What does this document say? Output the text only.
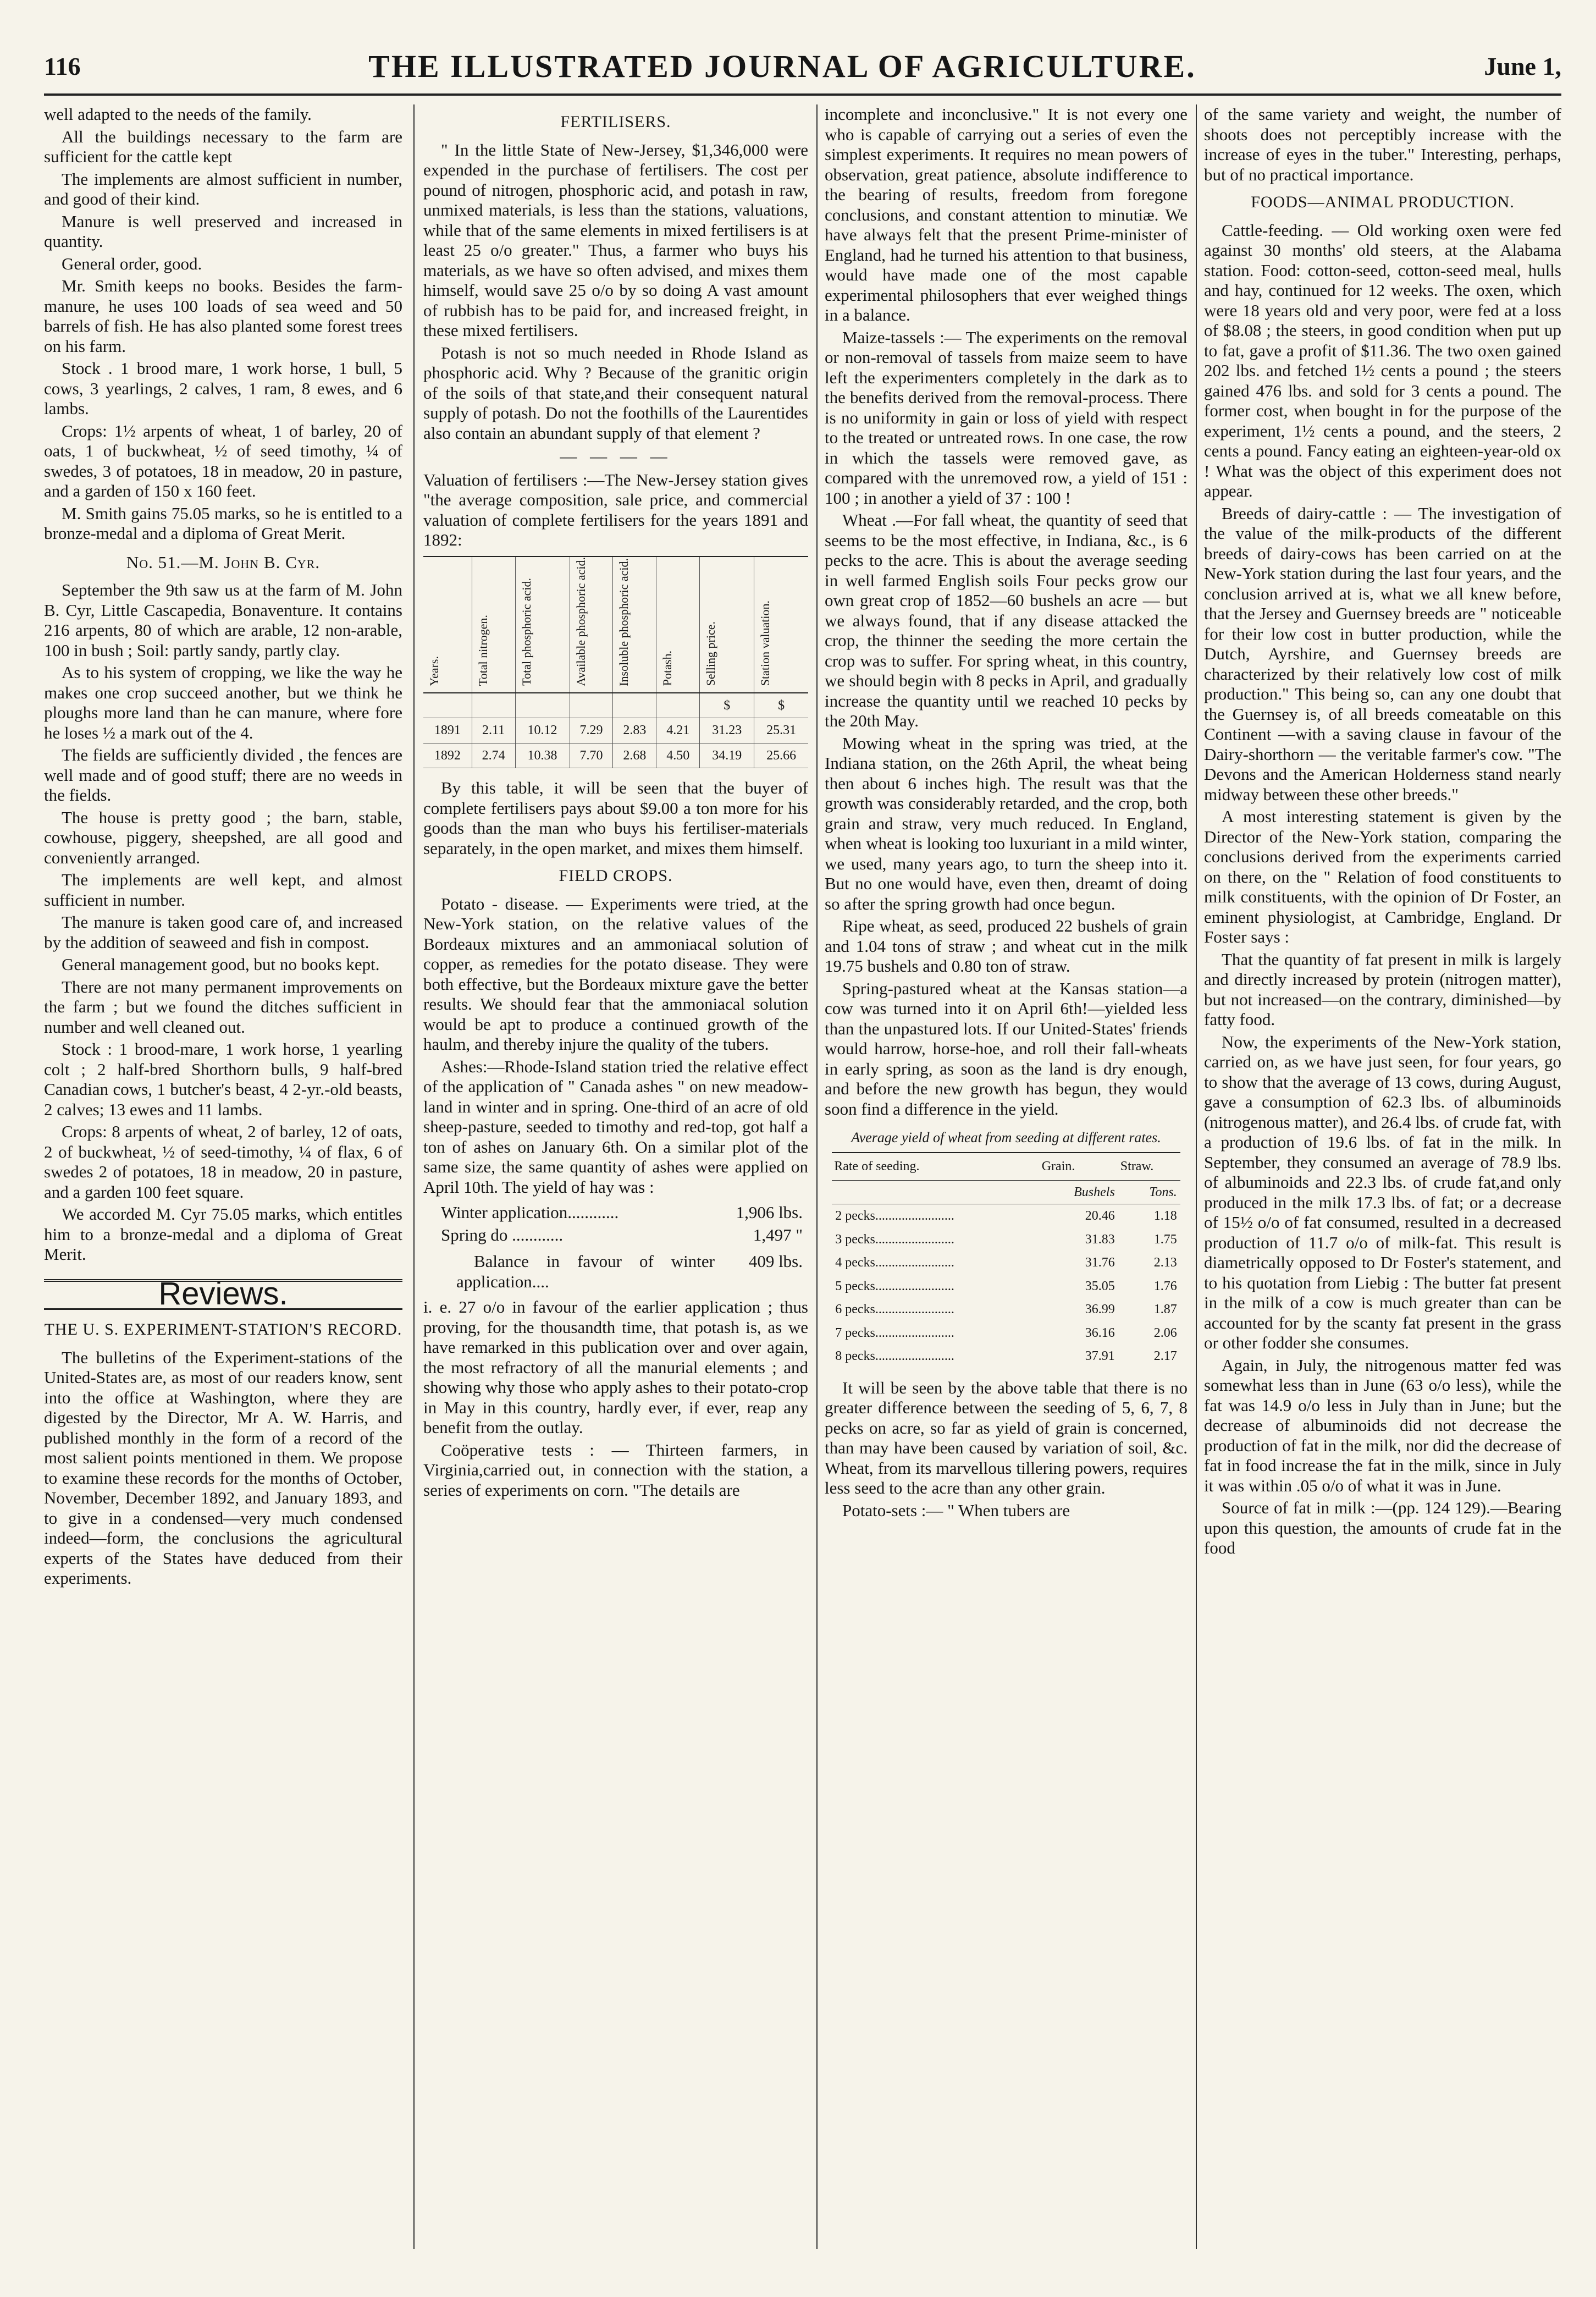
116	THE ILLUSTRATED JOURNAL OF AGRICULTURE.	June 1,

well adapted to the needs of the family.

All the buildings necessary to the farm are sufficient for the cattle kept

The implements are almost sufficient in number, and good of their kind.

Manure is well preserved and increased in quantity.

General order, good.

Mr. Smith keeps no books. Besides the farm-manure, he uses 100 loads of sea weed and 50 barrels of fish. He has also planted some forest trees on his farm.

Stock . 1 brood mare, 1 work horse, 1 bull, 5 cows, 3 yearlings, 2 calves, 1 ram, 8 ewes, and 6 lambs.

Crops: 1½ arpents of wheat, 1 of barley, 20 of oats, 1 of buckwheat, ½ of seed timothy, ¼ of swedes, 3 of potatoes, 18 in meadow, 20 in pasture, and a garden of 150 x 160 feet.

M. Smith gains 75.05 marks, so he is entitled to a bronze-medal and a diploma of Great Merit.

No. 51.—M. John B. Cyr.

September the 9th saw us at the farm of M. John B. Cyr, Little Cascapedia, Bonaventure. It contains 216 arpents, 80 of which are arable, 12 non-arable, 100 in bush ; Soil: partly sandy, partly clay.

As to his system of cropping, we like the way he makes one crop succeed another, but we think he ploughs more land than he can manure, where fore he loses ½ a mark out of the 4.

The fields are sufficiently divided , the fences are well made and of good stuff; there are no weeds in the fields.

The house is pretty good ; the barn, stable, cowhouse, piggery, sheepshed, are all good and conveniently arranged.

The implements are well kept, and almost sufficient in number.

The manure is taken good care of, and increased by the addition of seaweed and fish in compost.

General management good, but no books kept.

There are not many permanent improvements on the farm ; but we found the ditches sufficient in number and well cleaned out.

Stock : 1 brood-mare, 1 work horse, 1 yearling colt ; 2 half-bred Shorthorn bulls, 9 half-bred Canadian cows, 1 butcher's beast, 4 2-yr.-old beasts, 2 calves; 13 ewes and 11 lambs.

Crops: 8 arpents of wheat, 2 of barley, 12 of oats, 2 of buckwheat, ½ of seed-timothy, ¼ of flax, 6 of swedes 2 of potatoes, 18 in meadow, 20 in pasture, and a garden 100 feet square.

We accorded M. Cyr 75.05 marks, which entitles him to a bronze-medal and a diploma of Great Merit.

Reviews.
THE U. S. EXPERIMENT-STATION'S RECORD.

The bulletins of the Experiment-stations of the United-States are, as most of our readers know, sent into the office at Washington, where they are digested by the Director, Mr A. W. Harris, and published monthly in the form of a record of the most salient points mentioned in them. We propose to examine these records for the months of October, November, December 1892, and January 1893, and to give in a condensed—very much condensed indeed—form, the conclusions the agricultural experts of the States have deduced from their experiments.

FERTILISERS.

" In the little State of New-Jersey, $1,346,000 were expended in the purchase of fertilisers. The cost per pound of nitrogen, phosphoric acid, and potash in raw, unmixed materials, is less than the stations, valuations, while that of the same elements in mixed fertilisers is at least 25 o/o greater." Thus, a farmer who buys his materials, as we have so often advised, and mixes them himself, would save 25 o/o by so doing A vast amount of rubbish has to be paid for, and increased freight, in these mixed fertilisers.

Potash is not so much needed in Rhode Island as phosphoric acid. Why ? Because of the granitic origin of the soils of that state,and their consequent natural supply of potash. Do not the foothills of the Laurentides also contain an abundant supply of that element ?

— — — —

Valuation of fertilisers :—The New-Jersey station gives "the average composition, sale price, and commercial valuation of complete fertilisers for the years 1891 and 1892:

Years.	Total nitrogen.	Total phosphoric acid.	Available phosphoric acid.	Insoluble phosphoric acid.	Potash.	Selling price.	Station valuation.
						$	$
1891	2.11	10.12	7.29	2.83	4.21	31.23	25.31
1892	2.74	10.38	7.70	2.68	4.50	34.19	25.66

By this table, it will be seen that the buyer of complete fertilisers pays about $9.00 a ton more for his goods than the man who buys his fertiliser-materials separately, in the open market, and mixes them himself.

FIELD CROPS.

Potato - disease. — Experiments were tried, at the New-York station, on the relative values of the Bordeaux mixtures and an ammoniacal solution of copper, as remedies for the potato disease. They were both effective, but the Bordeaux mixture gave the better results. We should fear that the ammoniacal solution would be apt to produce a continued growth of the haulm, and thereby injure the quality of the tubers.

Ashes:—Rhode-Island station tried the relative effect of the application of " Canada ashes " on new meadow-land in winter and in spring. One-third of an acre of old sheep-pasture, seeded to timothy and red-top, got half a ton of ashes on January 6th. On a similar plot of the same size, the same quantity of ashes were applied on April 10th. The yield of hay was :

Winter application............	1,906 lbs.

Spring do ............	1,497 "

Balance in favour of winter application....
409 lbs.

i. e. 27 o/o in favour of the earlier application ; thus proving, for the thousandth time, that potash is, as we have remarked in this publication over and over again, the most refractory of all the manurial elements ; and showing why those who apply ashes to their potato-crop in May in this country, hardly ever, if ever, reap any benefit from the outlay.

Coöperative tests : — Thirteen farmers, in Virginia,carried out, in connection with the station, a series of experiments on corn. "The details are

incomplete and inconclusive." It is not every one who is capable of carrying out a series of even the simplest experiments. It requires no mean powers of observation, great patience, absolute indifference to the bearing of results, freedom from foregone conclusions, and constant attention to minutiæ. We have always felt that the present Prime-minister of England, had he turned his attention to that business, would have made one of the most capable experimental philosophers that ever weighed things in a balance.

Maize-tassels :— The experiments on the removal or non-removal of tassels from maize seem to have left the experimenters completely in the dark as to the benefits derived from the removal-process. There is no uniformity in gain or loss of yield with respect to the treated or untreated rows. In one case, the row in which the tassels were removed gave, as compared with the unremoved row, a yield of 151 : 100 ; in another a yield of 37 : 100 !

Wheat .—For fall wheat, the quantity of seed that seems to be the most effective, in Indiana, &c., is 6 pecks to the acre. This is about the average seeding in well farmed English soils Four pecks grow our own great crop of 1852—60 bushels an acre — but we always found, that if any disease attacked the crop, the thinner the seeding the more certain the crop was to suffer. For spring wheat, in this country, we should begin with 8 pecks in April, and gradually increase the quantity until we reached 10 pecks by the 20th May.

Mowing wheat in the spring was tried, at the Indiana station, on the 26th April, the wheat being then about 6 inches high. The result was that the growth was considerably retarded, and the crop, both grain and straw, very much reduced. In England, when wheat is looking too luxuriant in a mild winter, we used, many years ago, to turn the sheep into it. But no one would have, even then, dreamt of doing so after the spring growth had once begun.

Ripe wheat, as seed, produced 22 bushels of grain and 1.04 tons of straw ; and wheat cut in the milk 19.75 bushels and 0.80 ton of straw.

Spring-pastured wheat at the Kansas station—a cow was turned into it on April 6th!—yielded less than the unpastured lots. If our United-States' friends would harrow, horse-hoe, and roll their fall-wheats in early spring, as soon as the land is dry enough, and before the new growth has begun, they would soon find a difference in the yield.

Average yield of wheat from seeding at different rates.
Rate of seeding.	Grain.	Straw.
	Bushels	Tons.
2 pecks........................	20.46	1.18
3 pecks........................	31.83	1.75
4 pecks........................	31.76	2.13
5 pecks........................	35.05	1.76
6 pecks........................	36.99	1.87
7 pecks........................	36.16	2.06
8 pecks........................	37.91	2.17

It will be seen by the above table that there is no greater difference between the seeding of 5, 6, 7, 8 pecks on acre, so far as yield of grain is concerned, than may have been caused by variation of soil, &c. Wheat, from its marvellous tillering powers, requires less seed to the acre than any other grain.

Potato-sets :— " When tubers are

of the same variety and weight, the number of shoots does not perceptibly increase with the increase of eyes in the tuber." Interesting, perhaps, but of no practical importance.

FOODS—ANIMAL PRODUCTION.

Cattle-feeding. — Old working oxen were fed against 30 months' old steers, at the Alabama station. Food: cotton-seed, cotton-seed meal, hulls and hay, continued for 12 weeks. The oxen, which were 18 years old and very poor, were fed at a loss of $8.08 ; the steers, in good condition when put up to fat, gave a profit of $11.36. The two oxen gained 202 lbs. and fetched 1½ cents a pound ; the steers gained 476 lbs. and sold for 3 cents a pound. The former cost, when bought in for the purpose of the experiment, 1½ cents a pound, and the steers, 2 cents a pound. Fancy eating an eighteen-year-old ox ! What was the object of this experiment does not appear.

Breeds of dairy-cattle : — The investigation of the value of the milk-products of the different breeds of dairy-cows has been carried on at the New-York station during the last four years, and the conclusion arrived at is, what we all knew before, that the Jersey and Guernsey breeds are " noticeable for their low cost in butter production, while the Dutch, Ayrshire, and Guernsey breeds are characterized by their relatively low cost of milk production." This being so, can any one doubt that the Guernsey is, of all breeds comeatable on this Continent —with a saving clause in favour of the Dairy-shorthorn — the veritable farmer's cow. "The Devons and the American Holderness stand nearly midway between these other breeds."

A most interesting statement is given by the Director of the New-York station, comparing the conclusions derived from the experiments carried on there, on the " Relation of food constituents to milk constituents, with the opinion of Dr Foster, an eminent physiologist, at Cambridge, England. Dr Foster says :

That the quantity of fat present in milk is largely and directly increased by protein (nitrogen matter), but not increased—on the contrary, diminished—by fatty food.

Now, the experiments of the New-York station, carried on, as we have just seen, for four years, go to show that the average of 13 cows, during August, gave a consumption of 62.3 lbs. of albuminoids (nitrogenous matter), and 26.4 lbs. of crude fat, with a production of 19.6 lbs. of fat in the milk. In September, they consumed an average of 78.9 lbs. of albuminoids and 22.3 lbs. of crude fat,and only produced in the milk 17.3 lbs. of fat; or a decrease of 15½ o/o of fat consumed, resulted in a decreased production of 11.7 o/o of milk-fat. This result is diametrically opposed to Dr Foster's statement, and to his quotation from Liebig : The butter fat present in the milk of a cow is much greater than can be accounted for by the scanty fat present in the grass or other fodder she consumes.

Again, in July, the nitrogenous matter fed was somewhat less than in June (63 o/o less), while the fat was 14.9 o/o less in July than in June; but the decrease of albuminoids did not decrease the production of fat in the milk, nor did the decrease of fat in food increase the fat in the milk, since in July it was within .05 o/o of what it was in June.

Source of fat in milk :—(pp. 124 129).—Bearing upon this question, the amounts of crude fat in the food
